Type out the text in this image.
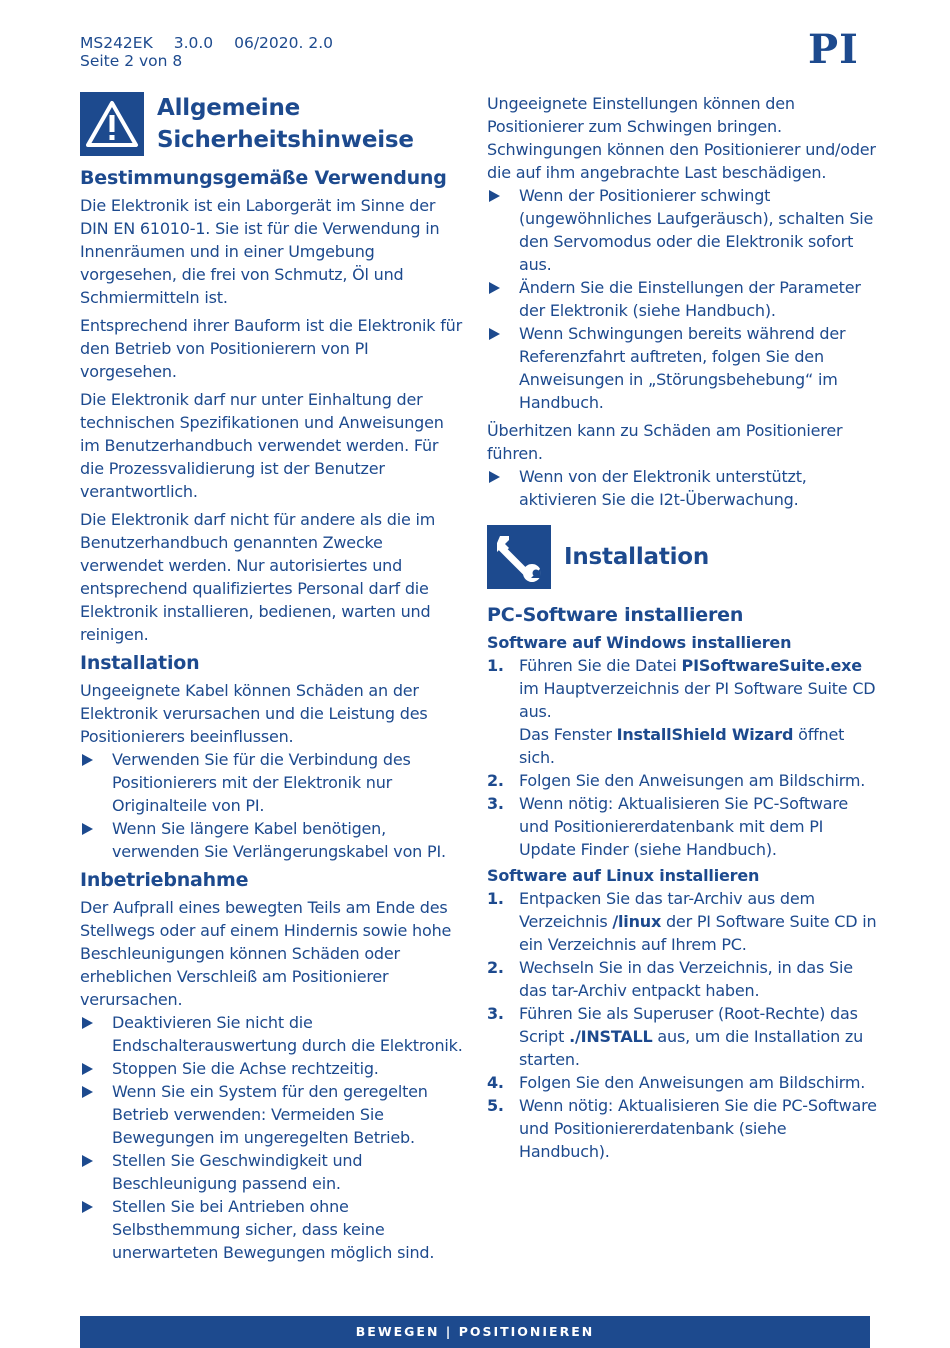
MS242EK 3.0.0 06/2020. 2.0
Seite 2 von 8	PI
Allgemeine
Sicherheitshinweise
Bestimmungsgemäße Verwendung

Die Elektronik ist ein Laborgerät im Sinne der DIN EN 61010-1. Sie ist für die Verwendung in Innenräumen und in einer Umgebung vorgesehen, die frei von Schmutz, Öl und Schmiermitteln ist.

Entsprechend ihrer Bauform ist die Elektronik für den Betrieb von Positionierern von PI vorgesehen.

Die Elektronik darf nur unter Einhaltung der technischen Spezifikationen und Anweisungen im Benutzerhandbuch verwendet werden. Für die Prozessvalidierung ist der Benutzer verantwortlich.

Die Elektronik darf nicht für andere als die im Benutzerhandbuch genannten Zwecke verwendet werden. Nur autorisiertes und entsprechend qualifiziertes Personal darf die Elektronik installieren, bedienen, warten und reinigen.

Installation

Ungeeignete Kabel können Schäden an der Elektronik verursachen und die Leistung des Positionierers beeinflussen.

Verwenden Sie für die Verbindung des Positionierers mit der Elektronik nur Originalteile von PI.
Wenn Sie längere Kabel benötigen, verwenden Sie Verlängerungskabel von PI.
Inbetriebnahme

Der Aufprall eines bewegten Teils am Ende des Stellwegs oder auf einem Hindernis sowie hohe Beschleunigungen können Schäden oder erheblichen Verschleiß am Positionierer verursachen.

Deaktivieren Sie nicht die Endschalterauswertung durch die Elektronik.
Stoppen Sie die Achse rechtzeitig.
Wenn Sie ein System für den geregelten Betrieb verwenden: Vermeiden Sie Bewegungen im ungeregelten Betrieb.
Stellen Sie Geschwindigkeit und Beschleunigung passend ein.
Stellen Sie bei Antrieben ohne Selbsthemmung sicher, dass keine unerwarteten Bewegungen möglich sind.

Ungeeignete Einstellungen können den Positionierer zum Schwingen bringen. Schwingungen können den Positionierer und/oder die auf ihm angebrachte Last beschädigen.

Wenn der Positionierer schwingt (ungewöhnliches Laufgeräusch), schalten Sie den Servomodus oder die Elektronik sofort aus.
Ändern Sie die Einstellungen der Parameter der Elektronik (siehe Handbuch).
Wenn Schwingungen bereits während der Referenzfahrt auftreten, folgen Sie den Anweisungen in „Störungsbehebung“ im Handbuch.

Überhitzen kann zu Schäden am Positionierer führen.

Wenn von der Elektronik unterstützt, aktivieren Sie die I2t-Überwachung.
Installation
PC-Software installieren
Software auf Windows installieren
1. Führen Sie die Datei PISoftwareSuite.exe im Hauptverzeichnis der PI Software Suite CD aus.
Das Fenster InstallShield Wizard öffnet sich.
2. Folgen Sie den Anweisungen am Bildschirm.
3. Wenn nötig: Aktualisieren Sie PC-Software und Positioniererdatenbank mit dem PI Update Finder (siehe Handbuch).
Software auf Linux installieren
1. Entpacken Sie das tar-Archiv aus dem Verzeichnis /linux der PI Software Suite CD in ein Verzeichnis auf Ihrem PC.
2. Wechseln Sie in das Verzeichnis, in das Sie das tar-Archiv entpackt haben.
3. Führen Sie als Superuser (Root-Rechte) das Script ./INSTALL aus, um die Installation zu starten.
4. Folgen Sie den Anweisungen am Bildschirm.
5. Wenn nötig: Aktualisieren Sie die PC-Software und Positioniererdatenbank (siehe Handbuch).
BEWEGEN | POSITIONIEREN
